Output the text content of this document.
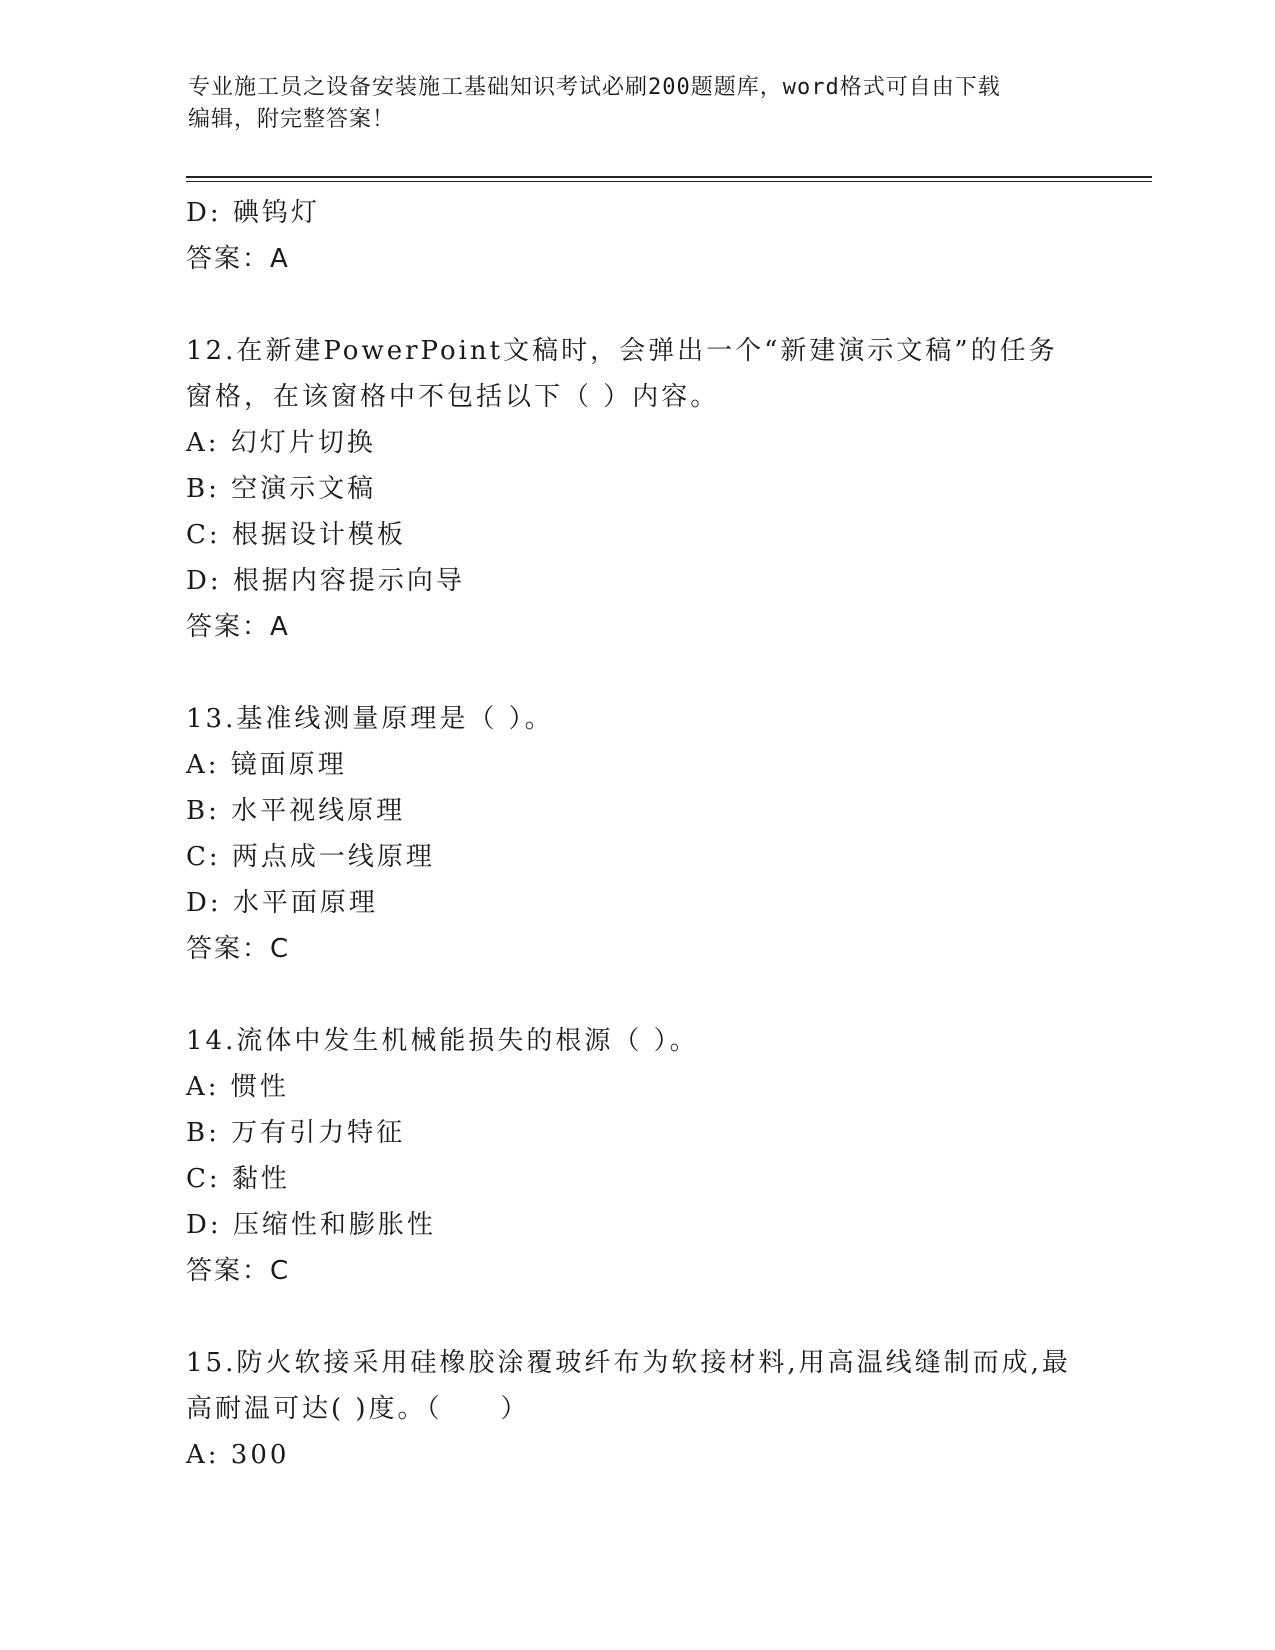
专业施工员之设备安装施工基础知识考试必刷200题题库，word格式可自由下载
编辑，附完整答案！
D: 碘钨灯
答案：A
12.在新建PowerPoint文稿时，会弹出一个“新建演示文稿”的任务
窗格，在该窗格中不包括以下（ ）内容。
A: 幻灯片切换
B: 空演示文稿
C: 根据设计模板
D: 根据内容提示向导
答案：A
13.基准线测量原理是（ ）。
A: 镜面原理
B: 水平视线原理
C: 两点成一线原理
D: 水平面原理
答案：C
14.流体中发生机械能损失的根源（ ）。
A: 惯性
B: 万有引力特征
C: 黏性
D: 压缩性和膨胀性
答案：C
15.防火软接采用硅橡胶涂覆玻纤布为软接材料,用高温线缝制而成,最
高耐温可达( )度。（　　）
A: 300
